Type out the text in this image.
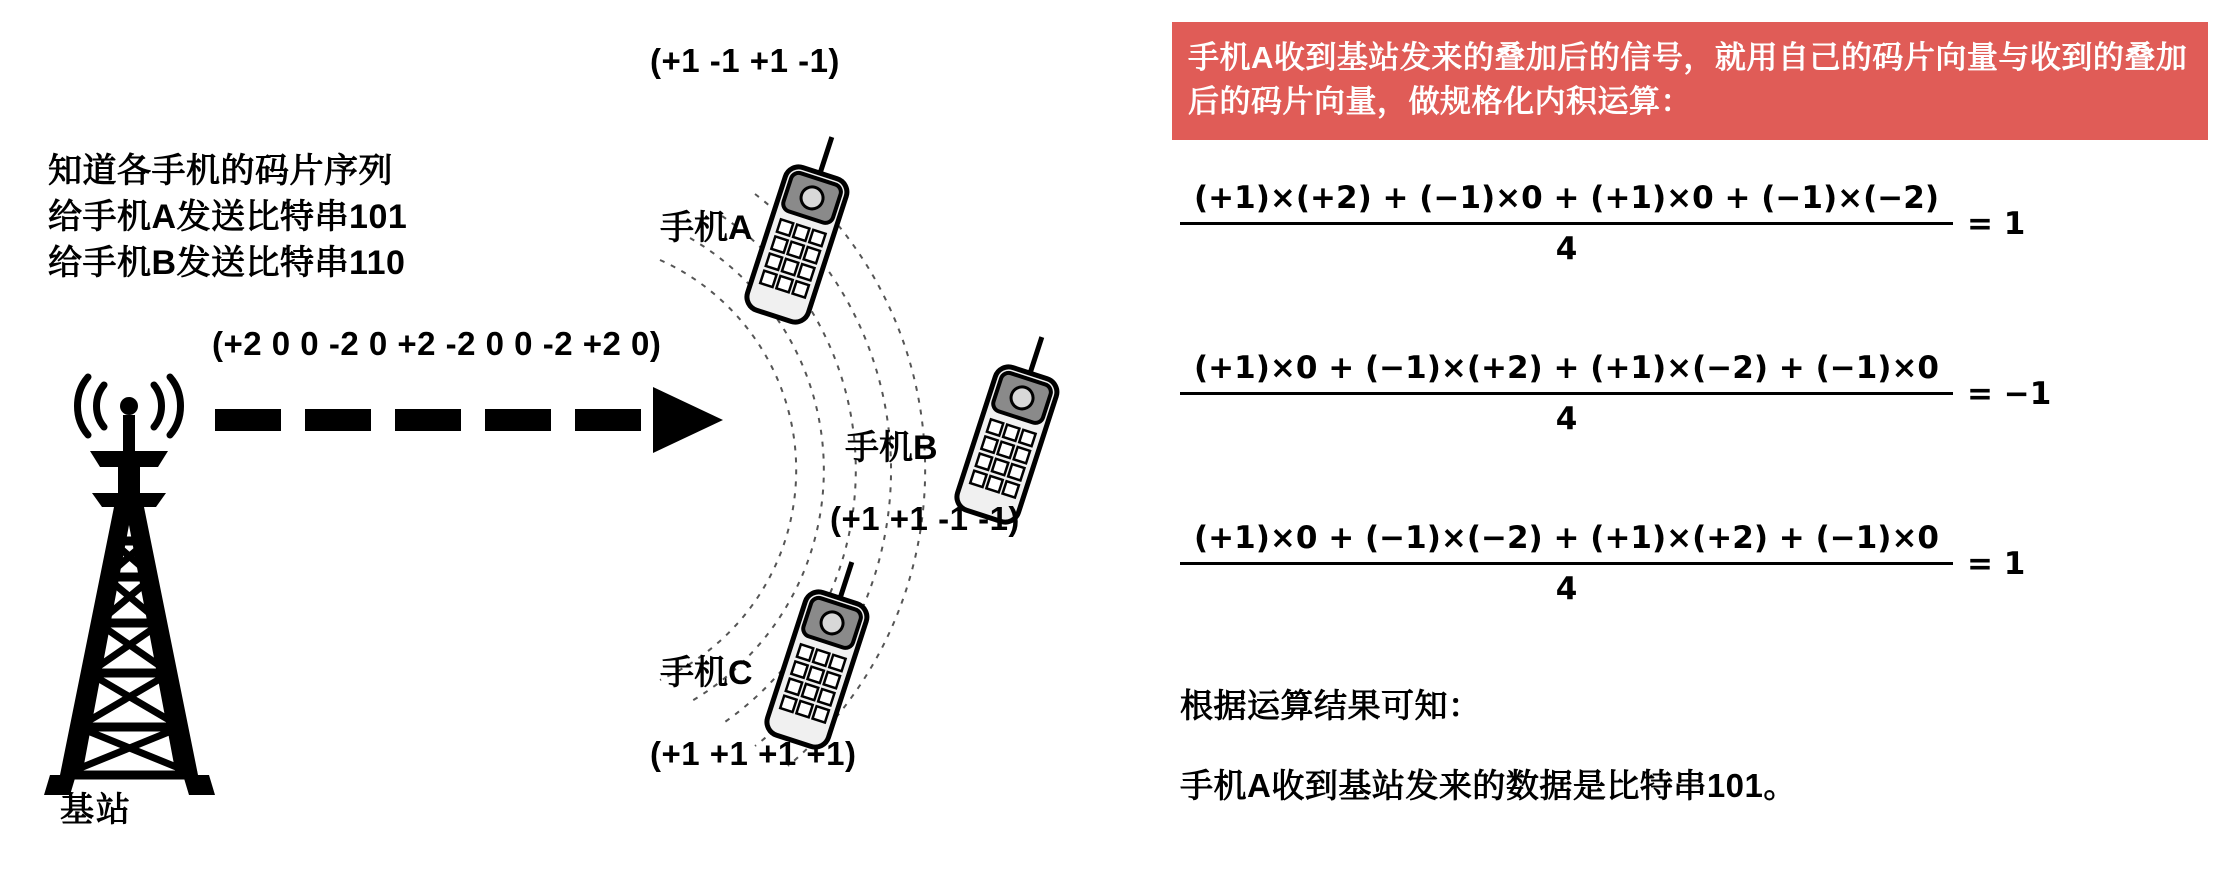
知道各手机的码片序列
给手机A发送比特串101
给手机B发送比特串110
基站
(+2 0 0 -2 0 +2 -2 0 0 -2 +2 0)
手机A
(+1 -1 +1 -1)
手机B
(+1 +1 -1 -1)
手机C
(+1 +1 +1 +1)
手机A收到基站发来的叠加后的信号，就用自己的码片向量与收到的叠加后的码片向量，做规格化内积运算：
$\frac{(+1)\times(+2) + (-1)\times 0 + (+1)\times 0 + (-1)\times(-2)}{4} = 1$
$\frac{(+1)\times 0 + (-1)\times(+2) + (+1)\times(-2) + (-1)\times 0}{4} = -1$
$\frac{(+1)\times 0 + (-1)\times(-2) + (+1)\times(+2) + (-1)\times 0}{4} = 1$
根据运算结果可知：
手机A收到基站发来的数据是比特串101。
